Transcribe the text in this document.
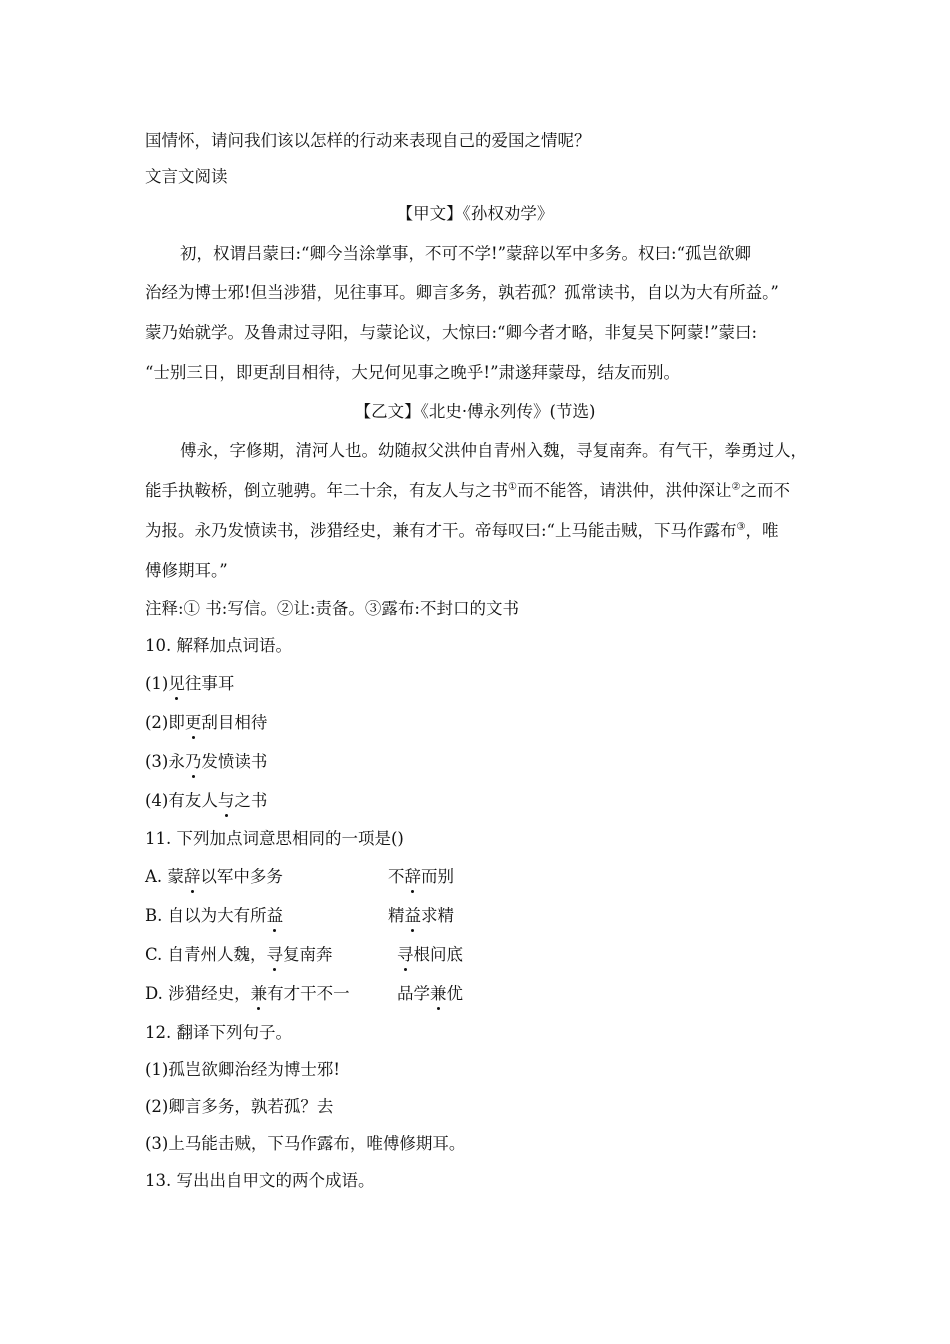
国情怀，请问我们该以怎样的行动来表现自己的爱国之情呢？
文言文阅读
【甲文】《孙权劝学》
初，权谓吕蒙曰:“卿今当涂掌事，不可不学!”蒙辞以军中多务。权曰:“孤岂欲卿
治经为博士邪!但当涉猎，见往事耳。卿言多务，孰若孤？孤常读书，自以为大有所益。”
蒙乃始就学。及鲁肃过寻阳，与蒙论议，大惊曰:“卿今者才略，非复吴下阿蒙!”蒙曰:
“士别三日，即更刮目相待，大兄何见事之晚乎!”肃遂拜蒙母，结友而别。
【乙文】《北史·傅永列传》(节选)
傅永，字修期，清河人也。幼随叔父洪仲自青州入魏，寻复南奔。有气干，拳勇过人，
能手执鞍桥，倒立驰骋。年二十余，有友人与之书①而不能答，请洪仲，洪仲深让②之而不
为报。永乃发愤读书，涉猎经史，兼有才干。帝每叹曰:“上马能击贼，下马作露布③，唯
傅修期耳。”
注释:① 书:写信。②让:责备。③露布:不封口的文书
10. 解释加点词语。
(1)见往事耳
(2)即更刮目相待
(3)永乃发愤读书
(4)有友人与之书
11. 下列加点词意思相同的一项是()
A. 蒙辞以军中多务	不辞而别
B. 自以为大有所益	精益求精
C. 自青州人魏，寻复南奔	寻根问底
D. 涉猎经史，兼有才干不一	品学兼优
12. 翻译下列句子。
(1)孤岂欲卿治经为博士邪!
(2)卿言多务，孰若孤？去
(3)上马能击贼，下马作露布，唯傅修期耳。
13. 写出出自甲文的两个成语。
